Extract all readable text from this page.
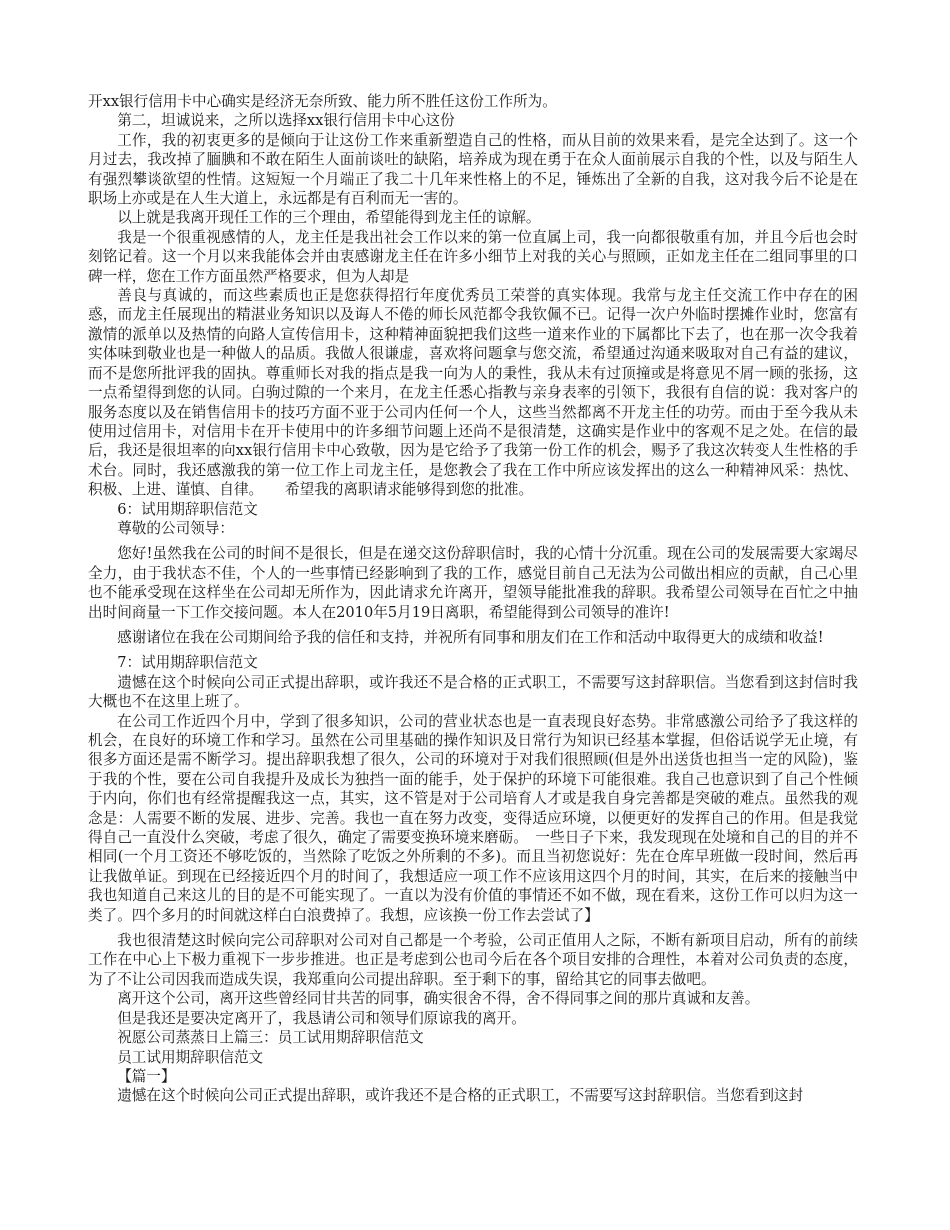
开xx银行信用卡中心确实是经济无奈所致、能力所不胜任这份工作所为。

第二，坦诚说来，之所以选择xx银行信用卡中心这份

工作，我的初衷更多的是倾向于让这份工作来重新塑造自己的性格，而从目前的效果来看，是完全达到了。这一个月过去，我改掉了腼腆和不敢在陌生人面前谈吐的缺陷，培养成为现在勇于在众人面前展示自我的个性，以及与陌生人有强烈攀谈欲望的性情。这短短一个月端正了我二十几年来性格上的不足，锤炼出了全新的自我，这对我今后不论是在职场上亦或是在人生大道上，永远都是有百利而无一害的。

以上就是我离开现任工作的三个理由，希望能得到龙主任的谅解。

我是一个很重视感情的人，龙主任是我出社会工作以来的第一位直属上司，我一向都很敬重有加，并且今后也会时刻铭记着。这一个月以来我能体会并由衷感谢龙主任在许多小细节上对我的关心与照顾，正如龙主任在二组同事里的口碑一样，您在工作方面虽然严格要求，但为人却是

善良与真诚的，而这些素质也正是您获得招行年度优秀员工荣誉的真实体现。我常与龙主任交流工作中存在的困惑，而龙主任展现出的精湛业务知识以及诲人不倦的师长风范都令我钦佩不已。记得一次户外临时摆摊作业时，您富有激情的派单以及热情的向路人宣传信用卡，这种精神面貌把我们这些一道来作业的下属都比下去了，也在那一次令我着实体味到敬业也是一种做人的品质。我做人很谦虚，喜欢将问题拿与您交流，希望通过沟通来吸取对自己有益的建议，而不是您所批评我的固执。尊重师长对我的指点是我一向为人的秉性，我从未有过顶撞或是将意见不屑一顾的张扬，这一点希望得到您的认同。白驹过隙的一个来月，在龙主任悉心指教与亲身表率的引领下，我很有自信的说：我对客户的服务态度以及在销售信用卡的技巧方面不亚于公司内任何一个人，这些当然都离不开龙主任的功劳。而由于至今我从未使用过信用卡，对信用卡在开卡使用中的许多细节问题上还尚不是很清楚，这确实是作业中的客观不足之处。在信的最后，我还是很坦率的向xx银行信用卡中心致敬，因为是它给予了我第一份工作的机会，赐予了我这次转变人生性格的手术台。同时，我还感激我的第一位工作上司龙主任，是您教会了我在工作中所应该发挥出的这么一种精神风采：热忱、积极、上进、谨慎、自律。　　希望我的离职请求能够得到您的批准。

6：试用期辞职信范文

尊敬的公司领导：

您好!虽然我在公司的时间不是很长，但是在递交这份辞职信时，我的心情十分沉重。现在公司的发展需要大家竭尽全力，由于我状态不佳，个人的一些事情已经影响到了我的工作，感觉目前自己无法为公司做出相应的贡献，自己心里也不能承受现在这样坐在公司却无所作为，因此请求允许离开，望领导能批准我的辞职。我希望公司领导在百忙之中抽出时间商量一下工作交接问题。本人在2010年5月19日离职，希望能得到公司领导的准许!

感谢诸位在我在公司期间给予我的信任和支持，并祝所有同事和朋友们在工作和活动中取得更大的成绩和收益!

7：试用期辞职信范文

遗憾在这个时候向公司正式提出辞职，或许我还不是合格的正式职工，不需要写这封辞职信。当您看到这封信时我大概也不在这里上班了。

在公司工作近四个月中，学到了很多知识，公司的营业状态也是一直表现良好态势。非常感激公司给予了我这样的机会，在良好的环境工作和学习。虽然在公司里基础的操作知识及日常行为知识已经基本掌握，但俗话说学无止境，有很多方面还是需不断学习。提出辞职我想了很久，公司的环境对于对我们很照顾(但是外出送货也担当一定的风险)，鉴于我的个性，要在公司自我提升及成长为独挡一面的能手，处于保护的环境下可能很难。我自己也意识到了自己个性倾于内向，你们也有经常提醒我这一点，其实，这不管是对于公司培育人才或是我自身完善都是突破的难点。虽然我的观念是：人需要不断的发展、进步、完善。我也一直在努力改变，变得适应环境，以便更好的发挥自己的作用。但是我觉得自己一直没什么突破，考虑了很久，确定了需要变换环境来磨砺。　一些日子下来，我发现现在处境和自己的目的并不相同(一个月工资还不够吃饭的，当然除了吃饭之外所剩的不多)。而且当初您说好：先在仓库早班做一段时间，然后再让我做单证。到现在已经接近四个月的时间了，我想适应一项工作不应该用这四个月的时间，其实，在后来的接触当中我也知道自己来这儿的目的是不可能实现了。一直以为没有价值的事情还不如不做，现在看来，这份工作可以归为这一类了。四个多月的时间就这样白白浪费掉了。我想，应该换一份工作去尝试了】

我也很清楚这时候向完公司辞职对公司对自己都是一个考验，公司正值用人之际，不断有新项目启动，所有的前续工作在中心上下极力重视下一步步推进。也正是考虑到公也司今后在各个项目安排的合理性，本着对公司负责的态度，为了不让公司因我而造成失误，我郑重向公司提出辞职。至于剩下的事，留给其它的同事去做吧。

离开这个公司，离开这些曾经同甘共苦的同事，确实很舍不得，舍不得同事之间的那片真诚和友善。

但是我还是要决定离开了，我恳请公司和领导们原谅我的离开。

祝愿公司蒸蒸日上篇三：员工试用期辞职信范文

员工试用期辞职信范文

【篇一】

遗憾在这个时候向公司正式提出辞职，或许我还不是合格的正式职工，不需要写这封辞职信。当您看到这封
